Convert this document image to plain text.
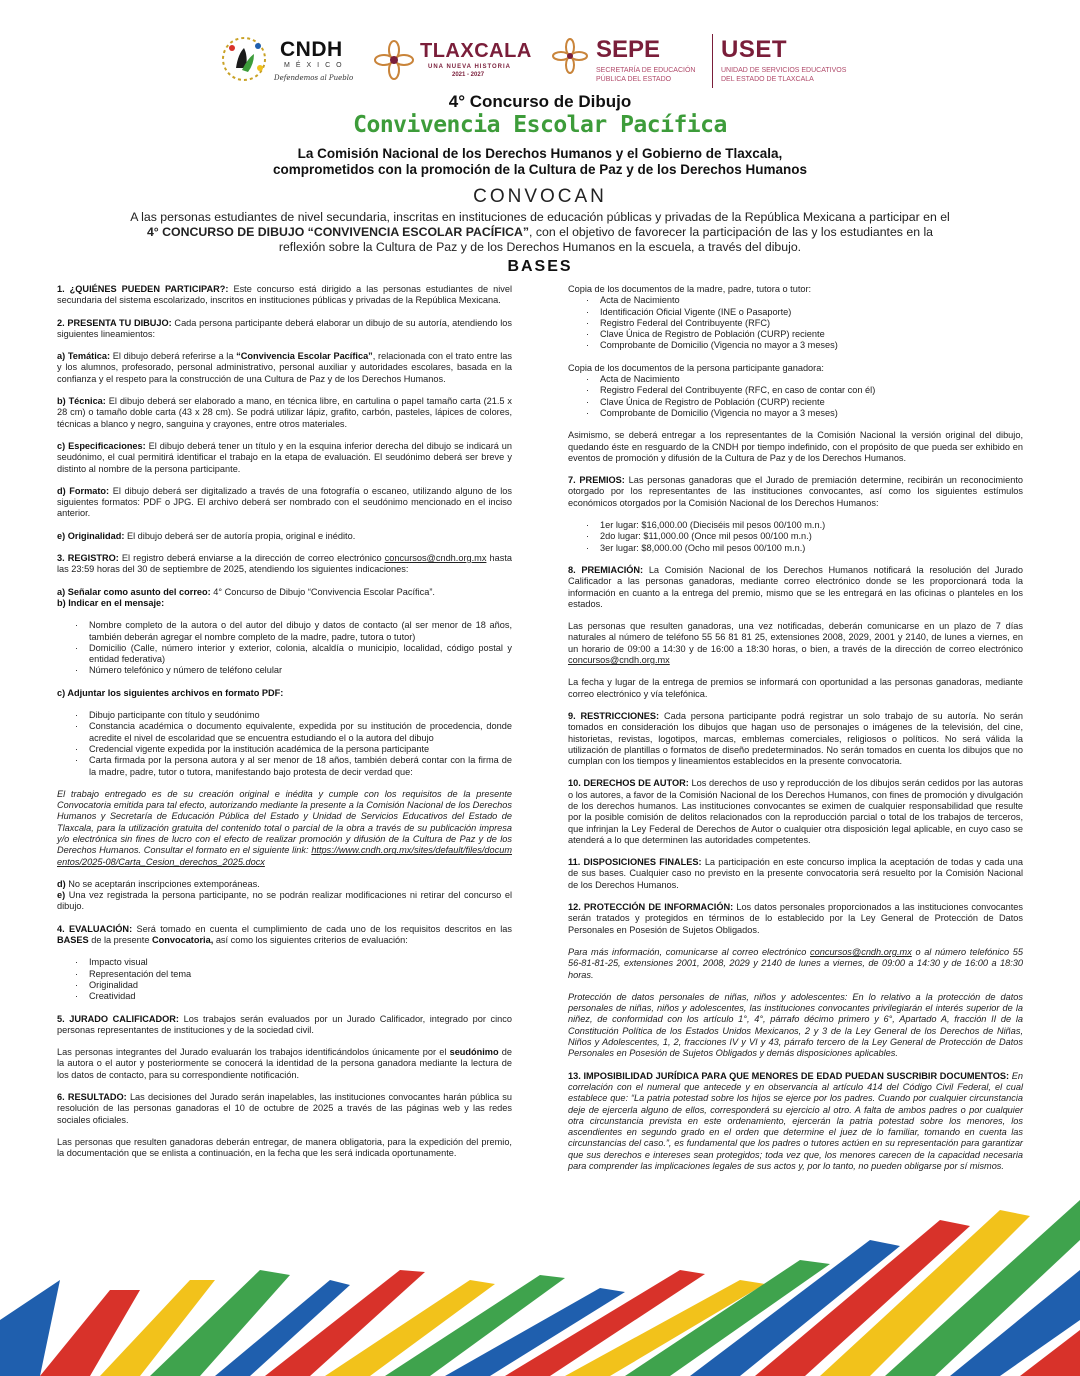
CNDH
MÉXICO
Defendemos al Pueblo
TLAXCALA
UNA NUEVA HISTORIA
2021 - 2027
SEPE
SECRETARÍA DE EDUCACIÓN
PÚBLICA DEL ESTADO
USET
UNIDAD DE SERVICIOS EDUCATIVOS
DEL ESTADO DE TLAXCALA
4° Concurso de Dibujo
Convivencia Escolar Pacífica
La Comisión Nacional de los Derechos Humanos y el Gobierno de Tlaxcala,
comprometidos con la promoción de la Cultura de Paz y de los Derechos Humanos
CONVOCAN
A las personas estudiantes de nivel secundaria, inscritas en instituciones de educación públicas y privadas de la República Mexicana a participar en el 4° CONCURSO DE DIBUJO “CONVIVENCIA ESCOLAR PACÍFICA”, con el objetivo de favorecer la participación de las y los estudiantes en la reflexión sobre la Cultura de Paz y de los Derechos Humanos en la escuela, a través del dibujo.
BASES

1. ¿QUIÉNES PUEDEN PARTICIPAR?: Este concurso está dirigido a las personas estudiantes de nivel secundaria del sistema escolarizado, inscritos en instituciones públicas y privadas de la República Mexicana.

2. PRESENTA TU DIBUJO: Cada persona participante deberá elaborar un dibujo de su autoría, atendiendo los siguientes lineamientos:

a) Temática: El dibujo deberá referirse a la “Convivencia Escolar Pacífica”, relacionada con el trato entre las y los alumnos, profesorado, personal administrativo, personal auxiliar y autoridades escolares, basada en la confianza y el respeto para la construcción de una Cultura de Paz y de los Derechos Humanos.

b) Técnica: El dibujo deberá ser elaborado a mano, en técnica libre, en cartulina o papel tamaño carta (21.5 x 28 cm) o tamaño doble carta (43 x 28 cm). Se podrá utilizar lápiz, grafito, carbón, pasteles, lápices de colores, técnicas a blanco y negro, sanguina y crayones, entre otros materiales.

c) Especificaciones: El dibujo deberá tener un título y en la esquina inferior derecha del dibujo se indicará un seudónimo, el cual permitirá identificar el trabajo en la etapa de evaluación. El seudónimo deberá ser breve y distinto al nombre de la persona participante.

d) Formato: El dibujo deberá ser digitalizado a través de una fotografía o escaneo, utilizando alguno de los siguientes formatos: PDF o JPG. El archivo deberá ser nombrado con el seudónimo mencionado en el inciso anterior.

e) Originalidad: El dibujo deberá ser de autoría propia, original e inédito.

3. REGISTRO: El registro deberá enviarse a la dirección de correo electrónico concursos@cndh.org.mx hasta las 23:59 horas del 30 de septiembre de 2025, atendiendo los siguientes indicaciones:

a) Señalar como asunto del correo: 4° Concurso de Dibujo “Convivencia Escolar Pacífica”.

b) Indicar en el mensaje:

· Nombre completo de la autora o del autor del dibujo y datos de contacto (al ser menor de 18 años, también deberán agregar el nombre completo de la madre, padre, tutora o tutor)
· Domicilio (Calle, número interior y exterior, colonia, alcaldía o municipio, localidad, código postal y entidad federativa)
· Número telefónico y número de teléfono celular

c) Adjuntar los siguientes archivos en formato PDF:

· Dibujo participante con título y seudónimo
· Constancia académica o documento equivalente, expedida por su institución de procedencia, donde acredite el nivel de escolaridad que se encuentra estudiando el o la autora del dibujo
· Credencial vigente expedida por la institución académica de la persona participante
· Carta firmada por la persona autora y al ser menor de 18 años, también deberá contar con la firma de la madre, padre, tutor o tutora, manifestando bajo protesta de decir verdad que:

El trabajo entregado es de su creación original e inédita y cumple con los requisitos de la presente Convocatoria emitida para tal efecto, autorizando mediante la presente a la Comisión Nacional de los Derechos Humanos y Secretaría de Educación Pública del Estado y Unidad de Servicios Educativos del Estado de Tlaxcala, para la utilización gratuita del contenido total o parcial de la obra a través de su publicación impresa y/o electrónica sin fines de lucro con el efecto de realizar promoción y difusión de la Cultura de Paz y de los Derechos Humanos. Consultar el formato en el siguiente link: https://www.cndh.org.mx/sites/default/files/documentos/2025-08/Carta_Cesion_derechos_2025.docx

d) No se aceptarán inscripciones extemporáneas.

e) Una vez registrada la persona participante, no se podrán realizar modificaciones ni retirar del concurso el dibujo.

4. EVALUACIÓN: Será tomado en cuenta el cumplimiento de cada uno de los requisitos descritos en las BASES de la presente Convocatoria, así como los siguientes criterios de evaluación:

· Impacto visual
· Representación del tema
· Originalidad
· Creatividad

5. JURADO CALIFICADOR: Los trabajos serán evaluados por un Jurado Calificador, integrado por cinco personas representantes de instituciones y de la sociedad civil.

Las personas integrantes del Jurado evaluarán los trabajos identificándolos únicamente por el seudónimo de la autora o el autor y posteriormente se conocerá la identidad de la persona ganadora mediante la lectura de los datos de contacto, para su correspondiente notificación.

6. RESULTADO: Las decisiones del Jurado serán inapelables, las instituciones convocantes harán pública su resolución de las personas ganadoras el 10 de octubre de 2025 a través de las páginas web y las redes sociales oficiales.

Las personas que resulten ganadoras deberán entregar, de manera obligatoria, para la expedición del premio, la documentación que se enlista a continuación, en la fecha que les será indicada oportunamente.

Copia de los documentos de la madre, padre, tutora o tutor:

· Acta de Nacimiento
· Identificación Oficial Vigente (INE o Pasaporte)
· Registro Federal del Contribuyente (RFC)
· Clave Única de Registro de Población (CURP) reciente
· Comprobante de Domicilio (Vigencia no mayor a 3 meses)

Copia de los documentos de la persona participante ganadora:

· Acta de Nacimiento
· Registro Federal del Contribuyente (RFC, en caso de contar con él)
· Clave Única de Registro de Población (CURP) reciente
· Comprobante de Domicilio (Vigencia no mayor a 3 meses)

Asimismo, se deberá entregar a los representantes de la Comisión Nacional la versión original del dibujo, quedando éste en resguardo de la CNDH por tiempo indefinido, con el propósito de que pueda ser exhibido en eventos de promoción y difusión de la Cultura de Paz y de los Derechos Humanos.

7. PREMIOS: Las personas ganadoras que el Jurado de premiación determine, recibirán un reconocimiento otorgado por los representantes de las instituciones convocantes, así como los siguientes estímulos económicos otorgados por la Comisión Nacional de los Derechos Humanos:

· 1er lugar: $16,000.00 (Dieciséis mil pesos 00/100 m.n.)
· 2do lugar: $11,000.00 (Once mil pesos 00/100 m.n.)
· 3er lugar: $8,000.00 (Ocho mil pesos 00/100 m.n.)

8. PREMIACIÓN: La Comisión Nacional de los Derechos Humanos notificará la resolución del Jurado Calificador a las personas ganadoras, mediante correo electrónico donde se les proporcionará toda la información en cuanto a la entrega del premio, mismo que se les entregará en las oficinas o planteles en los estados.

Las personas que resulten ganadoras, una vez notificadas, deberán comunicarse en un plazo de 7 días naturales al número de teléfono 55 56 81 81 25, extensiones 2008, 2029, 2001 y 2140, de lunes a viernes, en un horario de 09:00 a 14:30 y de 16:00 a 18:30 horas, o bien, a través de la dirección de correo electrónico concursos@cndh.org.mx

La fecha y lugar de la entrega de premios se informará con oportunidad a las personas ganadoras, mediante correo electrónico y vía telefónica.

9. RESTRICCIONES: Cada persona participante podrá registrar un solo trabajo de su autoría. No serán tomados en consideración los dibujos que hagan uso de personajes o imágenes de la televisión, del cine, historietas, revistas, logotipos, marcas, emblemas comerciales, religiosos o políticos. No será válida la utilización de plantillas o formatos de diseño predeterminados. No serán tomados en cuenta los dibujos que no cumplan con los tiempos y lineamientos establecidos en la presente convocatoria.

10. DERECHOS DE AUTOR: Los derechos de uso y reproducción de los dibujos serán cedidos por las autoras o los autores, a favor de la Comisión Nacional de los Derechos Humanos, con fines de promoción y divulgación de los derechos humanos. Las instituciones convocantes se eximen de cualquier responsabilidad que resulte por la posible comisión de delitos relacionados con la reproducción parcial o total de los trabajos de terceros, que infrinjan la Ley Federal de Derechos de Autor o cualquier otra disposición legal aplicable, en cuyo caso se atenderá a lo que determinen las autoridades competentes.

11. DISPOSICIONES FINALES: La participación en este concurso implica la aceptación de todas y cada una de sus bases. Cualquier caso no previsto en la presente convocatoria será resuelto por la Comisión Nacional de los Derechos Humanos.

12. PROTECCIÓN DE INFORMACIÓN: Los datos personales proporcionados a las instituciones convocantes serán tratados y protegidos en términos de lo establecido por la Ley General de Protección de Datos Personales en Posesión de Sujetos Obligados.

Para más información, comunicarse al correo electrónico concursos@cndh.org.mx o al número telefónico 55 56-81-81-25, extensiones 2001, 2008, 2029 y 2140 de lunes a viernes, de 09:00 a 14:30 y de 16:00 a 18:30 horas.

Protección de datos personales de niñas, niños y adolescentes: En lo relativo a la protección de datos personales de niñas, niños y adolescentes, las instituciones convocantes privilegiarán el interés superior de la niñez, de conformidad con los artículo 1°, 4°, párrafo décimo primero y 6°, Apartado A, fracción II de la Constitución Política de los Estados Unidos Mexicanos, 2 y 3 de la Ley General de los Derechos de Niñas, Niños y Adolescentes, 1, 2, fracciones IV y VI y 43, párrafo tercero de la Ley General de Protección de Datos Personales en Posesión de Sujetos Obligados y demás disposiciones aplicables.

13. IMPOSIBILIDAD JURÍDICA PARA QUE MENORES DE EDAD PUEDAN SUSCRIBIR DOCUMENTOS: En correlación con el numeral que antecede y en observancia al artículo 414 del Código Civil Federal, el cual establece que: “La patria potestad sobre los hijos se ejerce por los padres. Cuando por cualquier circunstancia deje de ejercerla alguno de ellos, corresponderá su ejercicio al otro. A falta de ambos padres o por cualquier otra circunstancia prevista en este ordenamiento, ejercerán la patria potestad sobre los menores, los ascendientes en segundo grado en el orden que determine el juez de lo familiar, tomando en cuenta las circunstancias del caso.”, es fundamental que los padres o tutores actúen en su representación para garantizar que sus derechos e intereses sean protegidos; toda vez que, los menores carecen de la capacidad necesaria para comprender las implicaciones legales de sus actos y, por lo tanto, no pueden obligarse por sí mismos.
